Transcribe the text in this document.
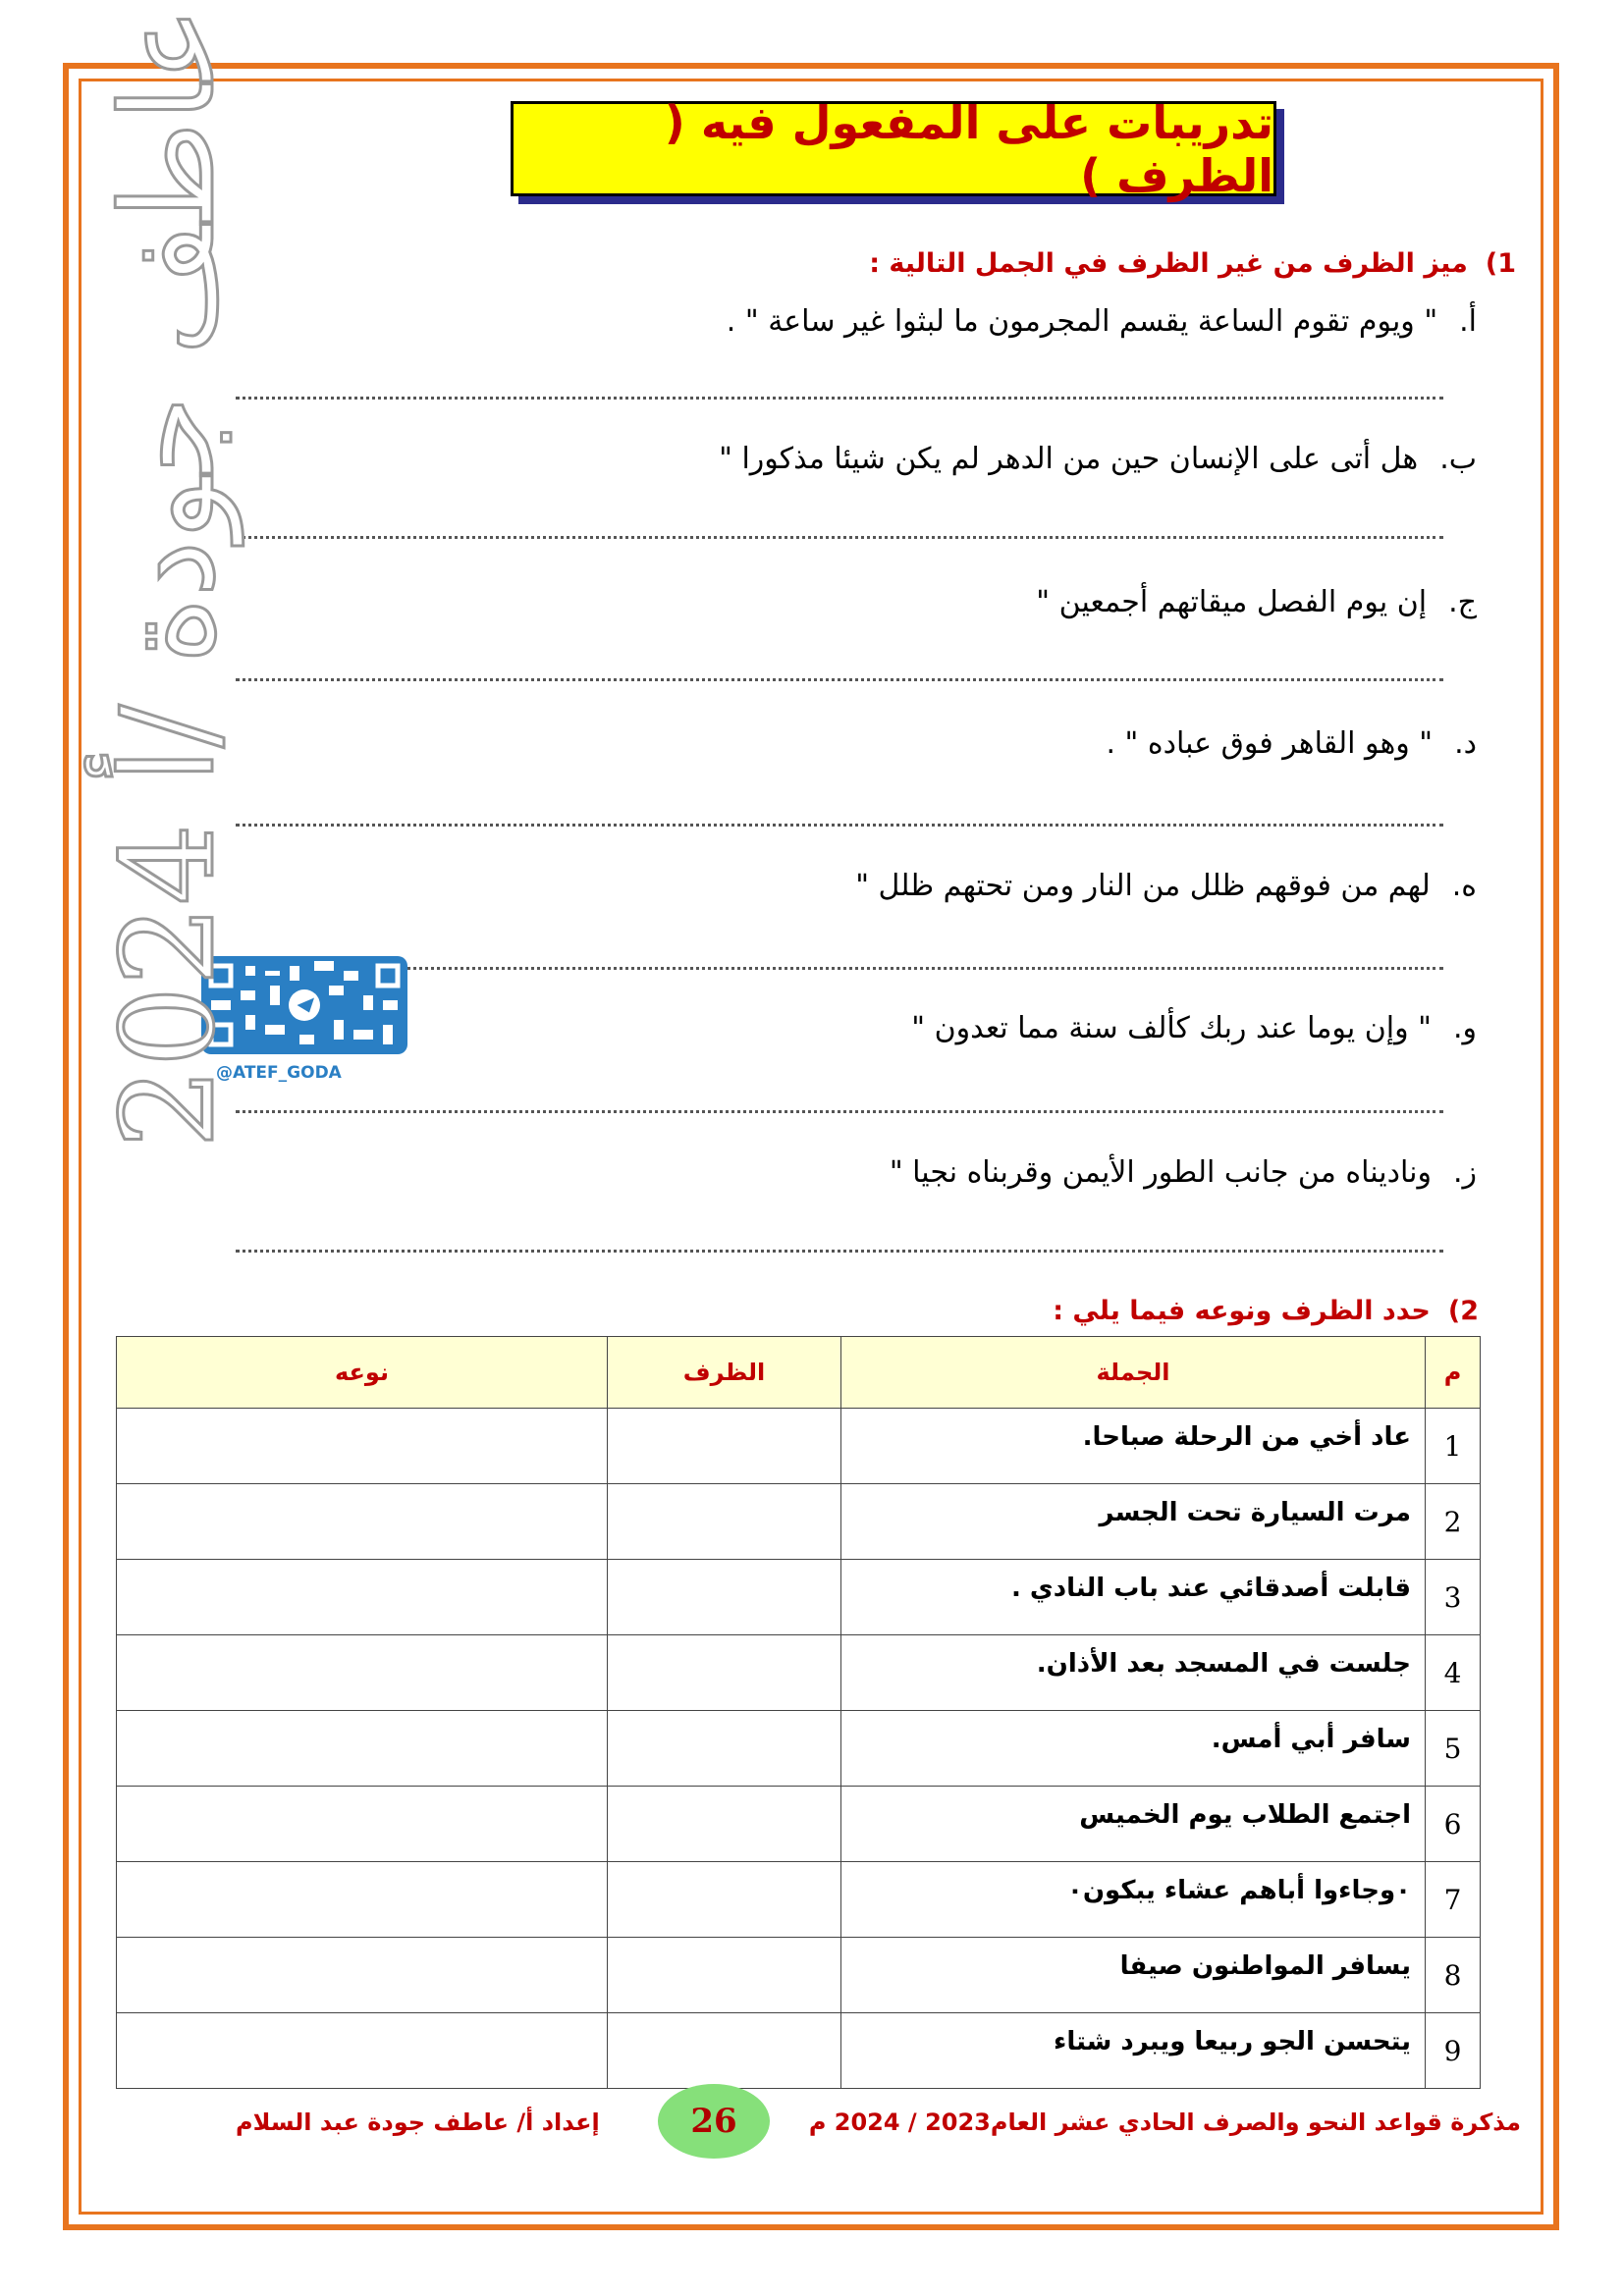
تدريبات على المفعول فيه ( الظرف )
1)ميز الظرف من غير الظرف في الجمل التالية :
أ." ويوم تقوم الساعة يقسم المجرمون ما لبثوا غير ساعة " .
ب.هل أتى على الإنسان حين من الدهر لم يكن شيئا مذكورا "
ج.إن يوم الفصل ميقاتهم أجمعين "
د." وهو القاهر فوق عباده " .
ه.لهم من فوقهم ظلل من النار ومن تحتهم ظلل "
و." وإن يوما عند ربك كألف سنة مما تعدون "
ز.وناديناه من جانب الطور الأيمن وقربناه نجيا "
@ATEF_GODA
2024 عاطف جودة /أ
2)حدد الظرف ونوعه فيما يلي :
م	الجملة	الظرف	نوعه
1	عاد أخي من الرحلة صباحا.		
2	مرت السيارة تحت الجسر		
3	قابلت أصدقائي عند باب النادي .		
4	جلست في المسجد بعد الأذان.		
5	سافر أبي أمس.		
6	اجتمع الطلاب يوم الخميس		
7	٠وجاءوا أباهم عشاء يبكون٠		
8	يسافر المواطنون صيفا		
9	يتحسن الجو ربيعا ويبرد شتاء		
مذكرة قواعد النحو والصرف الحادي عشر العام2023 / 2024 م
26
إعداد أ/ عاطف جودة عبد السلام
